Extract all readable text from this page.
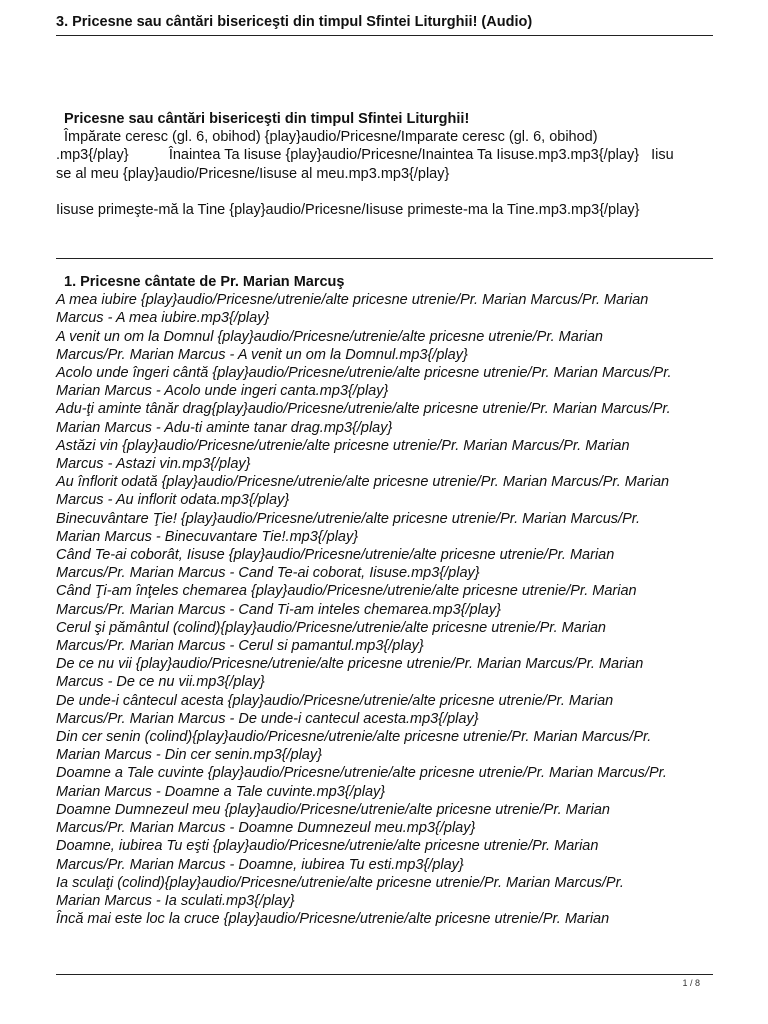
3. Pricesne sau cântări bisericeşti din timpul Sfintei Liturghii! (Audio)
Pricesne sau cântări bisericeşti din timpul Sfintei Liturghii!
Împărate ceresc (gl. 6, obihod) {play}audio/Pricesne/Imparate ceresc (gl. 6, obihod)
.mp3{/play}          Înaintea Ta Iisuse {play}audio/Pricesne/Inaintea Ta Iisuse.mp3.mp3{/play}   Iisu
se al meu {play}audio/Pricesne/Iisuse al meu.mp3.mp3{/play}
Iisuse primeşte-mă la Tine {play}audio/Pricesne/Iisuse primeste-ma la Tine.mp3.mp3{/play}
1. Pricesne cântate de Pr. Marian Marcuş
A mea iubire {play}audio/Pricesne/utrenie/alte pricesne utrenie/Pr. Marian Marcus/Pr. Marian
Marcus - A mea iubire.mp3{/play}
A venit un om la Domnul {play}audio/Pricesne/utrenie/alte pricesne utrenie/Pr. Marian
Marcus/Pr. Marian Marcus - A venit un om la Domnul.mp3{/play}
Acolo unde îngeri cântă {play}audio/Pricesne/utrenie/alte pricesne utrenie/Pr. Marian Marcus/Pr.
Marian Marcus - Acolo unde ingeri canta.mp3{/play}
Adu-ţi aminte tânăr drag{play}audio/Pricesne/utrenie/alte pricesne utrenie/Pr. Marian Marcus/Pr.
Marian Marcus - Adu-ti aminte tanar drag.mp3{/play}
Astăzi vin {play}audio/Pricesne/utrenie/alte pricesne utrenie/Pr. Marian Marcus/Pr. Marian
Marcus - Astazi vin.mp3{/play}
Au înflorit odată {play}audio/Pricesne/utrenie/alte pricesne utrenie/Pr. Marian Marcus/Pr. Marian
Marcus - Au inflorit odata.mp3{/play}
Binecuvântare Ţie! {play}audio/Pricesne/utrenie/alte pricesne utrenie/Pr. Marian Marcus/Pr.
Marian Marcus - Binecuvantare Tie!.mp3{/play}
Când Te-ai coborât, Iisuse {play}audio/Pricesne/utrenie/alte pricesne utrenie/Pr. Marian
Marcus/Pr. Marian Marcus - Cand Te-ai coborat, Iisuse.mp3{/play}
Când Ţi-am înţeles chemarea {play}audio/Pricesne/utrenie/alte pricesne utrenie/Pr. Marian
Marcus/Pr. Marian Marcus - Cand Ti-am inteles chemarea.mp3{/play}
Cerul şi pământul (colind){play}audio/Pricesne/utrenie/alte pricesne utrenie/Pr. Marian
Marcus/Pr. Marian Marcus - Cerul si pamantul.mp3{/play}
De ce nu vii {play}audio/Pricesne/utrenie/alte pricesne utrenie/Pr. Marian Marcus/Pr. Marian
Marcus - De ce nu vii.mp3{/play}
De unde-i cântecul acesta {play}audio/Pricesne/utrenie/alte pricesne utrenie/Pr. Marian
Marcus/Pr. Marian Marcus - De unde-i cantecul acesta.mp3{/play}
Din cer senin (colind){play}audio/Pricesne/utrenie/alte pricesne utrenie/Pr. Marian Marcus/Pr.
Marian Marcus - Din cer senin.mp3{/play}
Doamne a Tale cuvinte {play}audio/Pricesne/utrenie/alte pricesne utrenie/Pr. Marian Marcus/Pr.
Marian Marcus - Doamne a Tale cuvinte.mp3{/play}
Doamne Dumnezeul meu {play}audio/Pricesne/utrenie/alte pricesne utrenie/Pr. Marian
Marcus/Pr. Marian Marcus - Doamne Dumnezeul meu.mp3{/play}
Doamne, iubirea Tu eşti {play}audio/Pricesne/utrenie/alte pricesne utrenie/Pr. Marian
Marcus/Pr. Marian Marcus - Doamne, iubirea Tu esti.mp3{/play}
Ia sculaţi (colind){play}audio/Pricesne/utrenie/alte pricesne utrenie/Pr. Marian Marcus/Pr.
Marian Marcus - Ia sculati.mp3{/play}
Încă mai este loc la cruce {play}audio/Pricesne/utrenie/alte pricesne utrenie/Pr. Marian
1 / 8
